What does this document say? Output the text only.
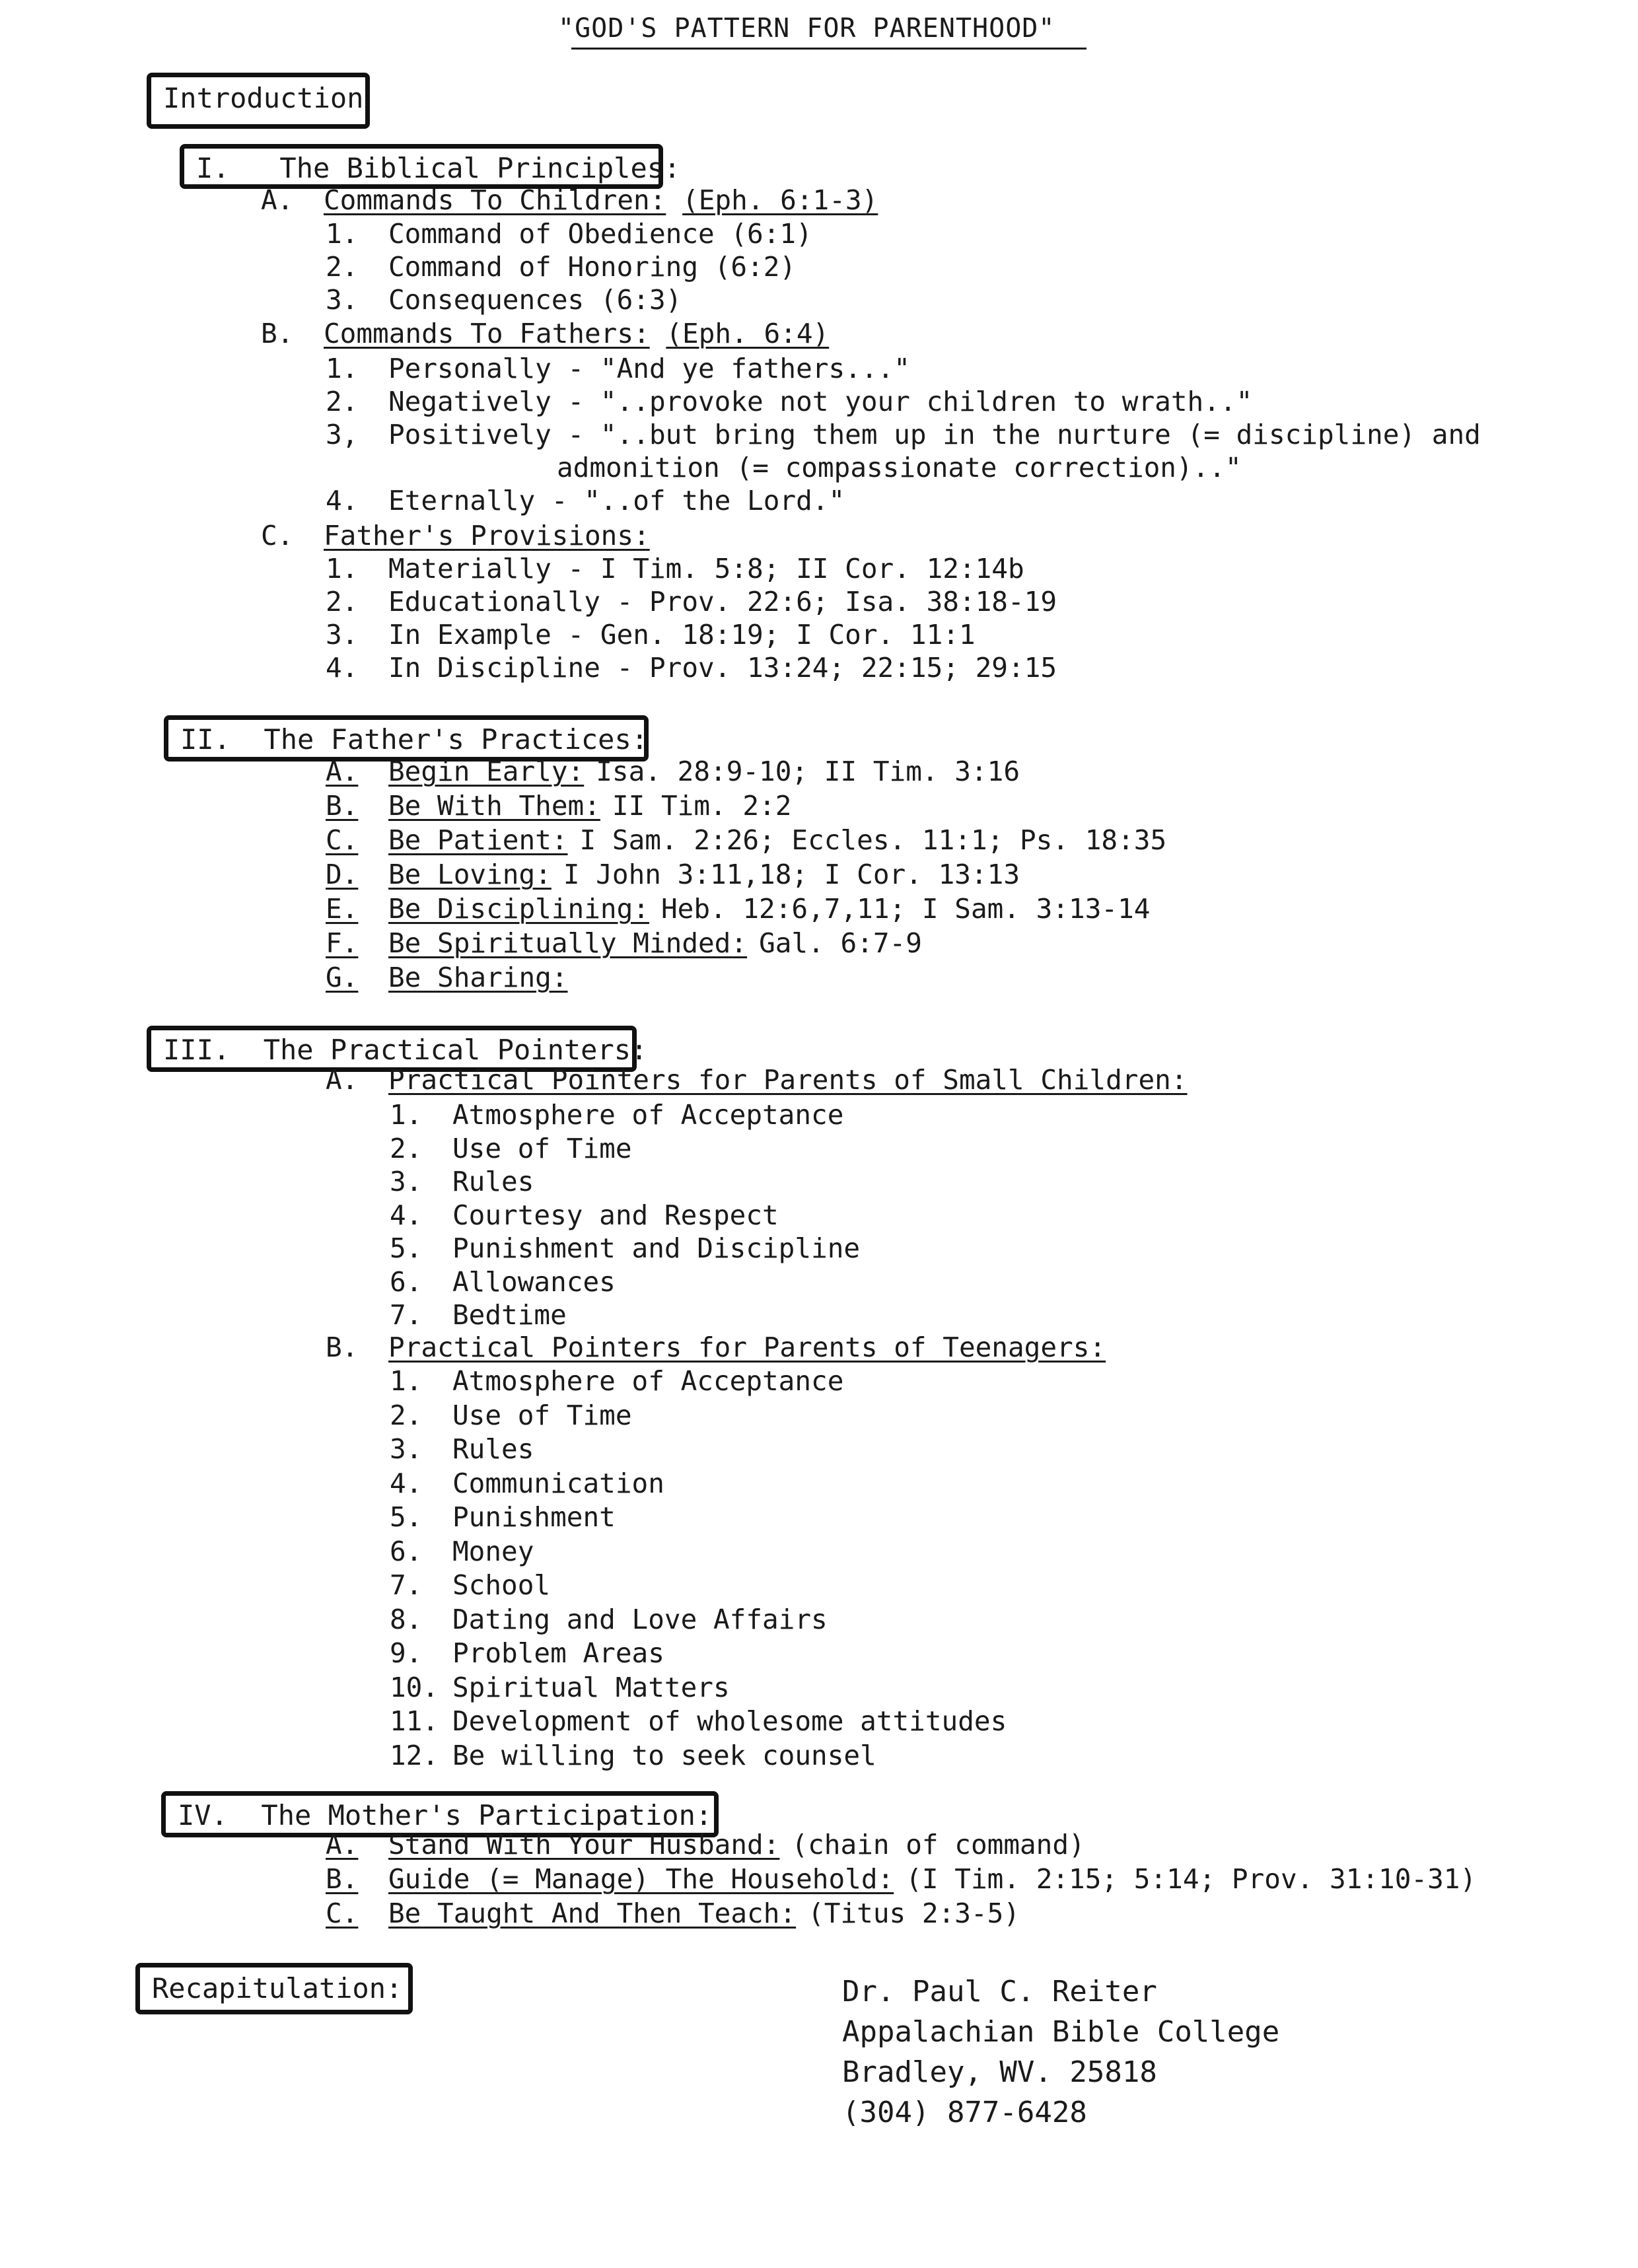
"GOD'S PATTERN FOR PARENTHOOD"
Introduction
I.   The Biblical Principles:
A. Commands To Children: (Eph. 6:1-3)
1. Command of Obedience (6:1)
2. Command of Honoring (6:2)
3. Consequences (6:3)
B. Commands To Fathers: (Eph. 6:4)
1. Personally - "And ye fathers..."
2. Negatively - "..provoke not your children to wrath.."
3, Positively - "..but bring them up in the nurture (= discipline) and
admonition (= compassionate correction).."
4. Eternally - "..of the Lord."
C. Father's Provisions:
1. Materially - I Tim. 5:8; II Cor. 12:14b
2. Educationally - Prov. 22:6; Isa. 38:18-19
3. In Example - Gen. 18:19; I Cor. 11:1
4. In Discipline - Prov. 13:24; 22:15; 29:15
II.  The Father's Practices:
A. Begin Early: Isa. 28:9-10; II Tim. 3:16
B. Be With Them: II Tim. 2:2
C. Be Patient: I Sam. 2:26; Eccles. 11:1; Ps. 18:35
D. Be Loving: I John 3:11,18; I Cor. 13:13
E. Be Disciplining: Heb. 12:6,7,11; I Sam. 3:13-14
F. Be Spiritually Minded: Gal. 6:7-9
G. Be Sharing:
III.  The Practical Pointers:
A. Practical Pointers for Parents of Small Children:
1. Atmosphere of Acceptance
2. Use of Time
3. Rules
4. Courtesy and Respect
5. Punishment and Discipline
6. Allowances
7. Bedtime
B. Practical Pointers for Parents of Teenagers:
1. Atmosphere of Acceptance
2. Use of Time
3. Rules
4. Communication
5. Punishment
6. Money
7. School
8. Dating and Love Affairs
9. Problem Areas
10. Spiritual Matters
11. Development of wholesome attitudes
12. Be willing to seek counsel
IV.  The Mother's Participation:
A. Stand With Your Husband: (chain of command)
B. Guide (= Manage) The Household: (I Tim. 2:15; 5:14; Prov. 31:10-31)
C. Be Taught And Then Teach: (Titus 2:3-5)
Recapitulation:	Dr. Paul C. Reiter
Appalachian Bible College
Bradley, WV. 25818
(304) 877-6428
